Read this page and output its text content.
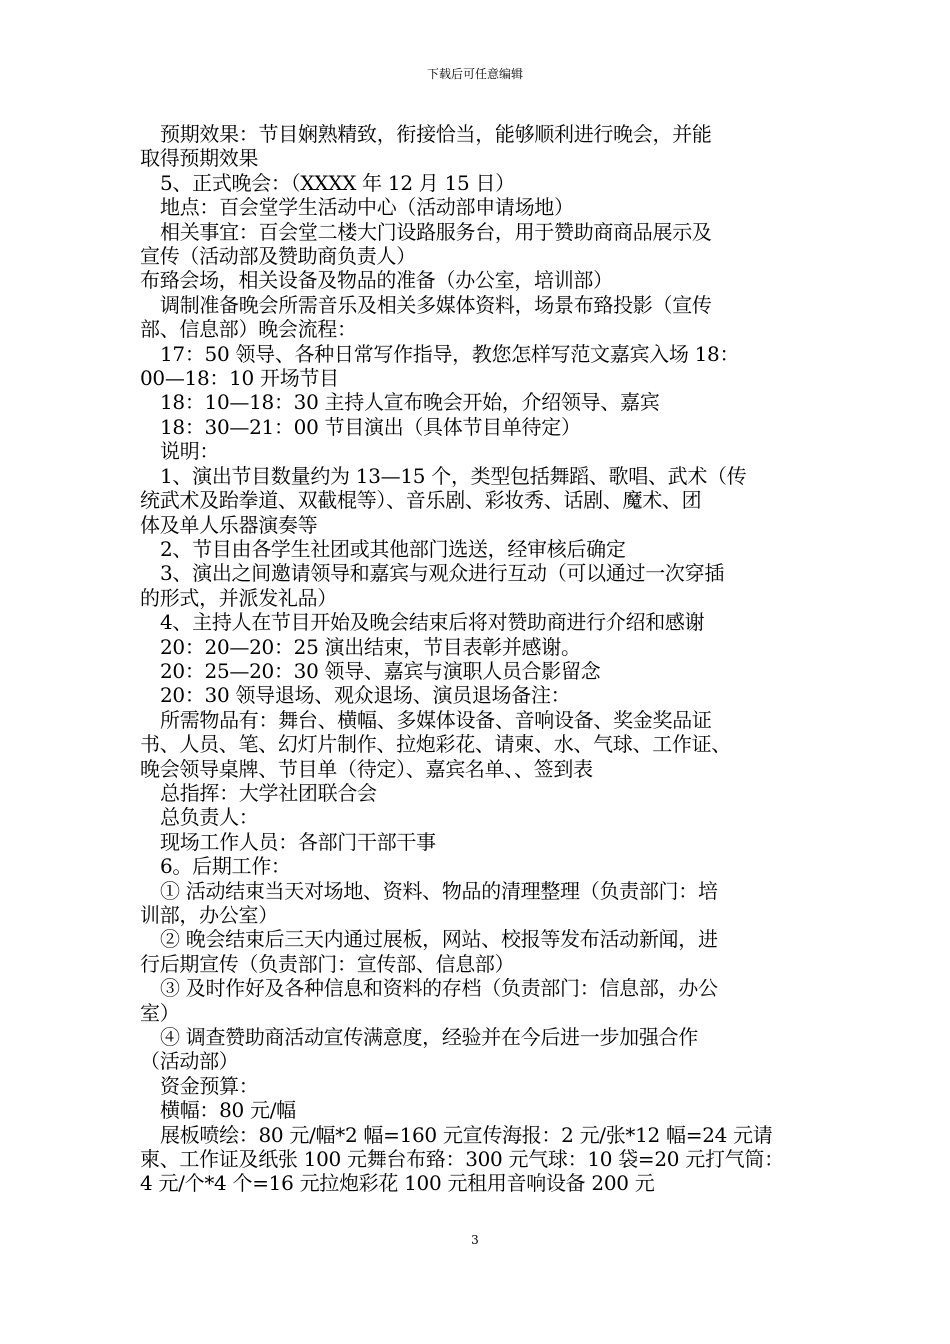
下载后可任意编辑

预期效果：节目娴熟精致，衔接恰当，能够顺利进行晚会，并能

取得预期效果

5、正式晚会：（XXXX 年 12 月 15 日）

地点：百会堂学生活动中心（活动部申请场地）

相关事宜：百会堂二楼大门设路服务台，用于赞助商商品展示及

宣传（活动部及赞助商负责人）

布臵会场，相关设备及物品的准备（办公室，培训部）

调制准备晚会所需音乐及相关多媒体资料，场景布臵投影（宣传

部、信息部）晚会流程：

17：50 领导、各种日常写作指导，教您怎样写范文嘉宾入场 18：

00—18：10 开场节目

18：10—18：30 主持人宣布晚会开始，介绍领导、嘉宾

18：30—21：00 节目演出（具体节目单待定）

说明：

1、演出节目数量约为 13—15 个，类型包括舞蹈、歌唱、武术（传

统武术及跆拳道、双截棍等）、音乐剧、彩妆秀、话剧、魔术、团

体及单人乐器演奏等

2、节目由各学生社团或其他部门选送，经审核后确定

3、演出之间邀请领导和嘉宾与观众进行互动（可以通过一次穿插

的形式，并派发礼品）

4、主持人在节目开始及晚会结束后将对赞助商进行介绍和感谢

20：20—20：25 演出结束，节目表彰并感谢。

20：25—20：30 领导、嘉宾与演职人员合影留念

20：30 领导退场、观众退场、演员退场备注：

所需物品有：舞台、横幅、多媒体设备、音响设备、奖金奖品证

书、人员、笔、幻灯片制作、拉炮彩花、请柬、水、气球、工作证、

晚会领导桌牌、节目单（待定）、嘉宾名单、、签到表

总指挥：大学社团联合会

总负责人：

现场工作人员：各部门干部干事

6。后期工作：

① 活动结束当天对场地、资料、物品的清理整理（负责部门：培

训部，办公室）

② 晚会结束后三天内通过展板，网站、校报等发布活动新闻，进

行后期宣传（负责部门：宣传部、信息部）

③ 及时作好及各种信息和资料的存档（负责部门：信息部，办公

室）

④ 调查赞助商活动宣传满意度，经验并在今后进一步加强合作

（活动部）

资金预算：

横幅：80 元/幅

展板喷绘：80 元/幅*2 幅=160 元宣传海报：2 元/张*12 幅=24 元请

柬、工作证及纸张 100 元舞台布臵：300 元气球：10 袋=20 元打气筒：

4 元/个*4 个=16 元拉炮彩花 100 元租用音响设备 200 元

3
